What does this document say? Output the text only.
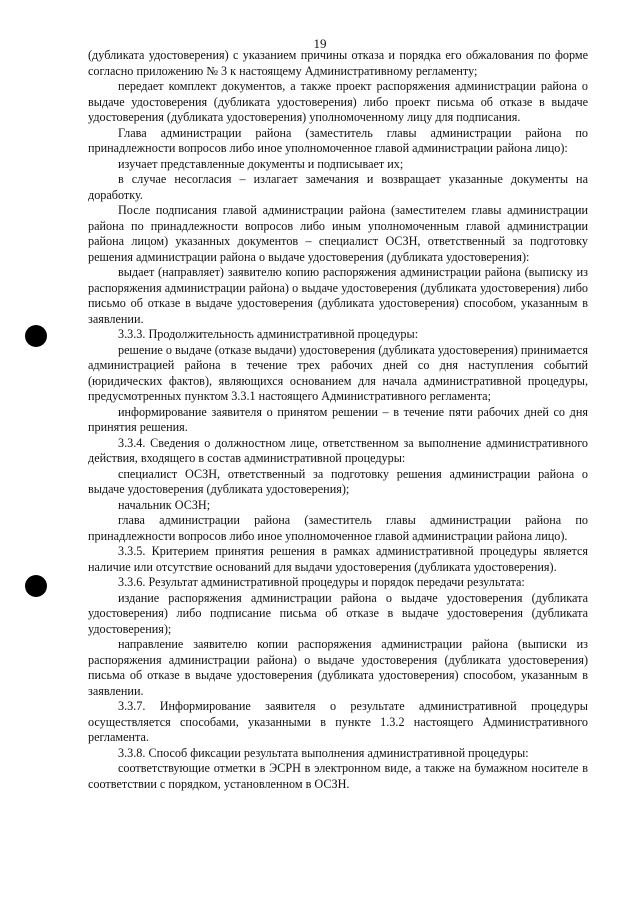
19

(дубликата удостоверения) с указанием причины отказа и порядка его обжалования по форме согласно приложению № 3 к настоящему Административному регламенту;

передает комплект документов, а также проект распоряжения администрации района о выдаче удостоверения (дубликата удостоверения) либо проект письма об отказе в выдаче удостоверения (дубликата удостоверения) уполномоченному лицу для подписания.

Глава администрации района (заместитель главы администрации района по принадлежности вопросов либо иное уполномоченное главой администрации района лицо):

изучает представленные документы и подписывает их;

в случае несогласия – излагает замечания и возвращает указанные документы на доработку.

После подписания главой администрации района (заместителем главы администрации района по принадлежности вопросов либо иным уполномоченным главой администрации района лицом) указанных документов – специалист ОСЗН, ответственный за подготовку решения администрации района о выдаче удостоверения (дубликата удостоверения):

выдает (направляет) заявителю копию распоряжения администрации района (выписку из распоряжения администрации района) о выдаче удостоверения (дубликата удостоверения) либо письмо об отказе в выдаче удостоверения (дубликата удостоверения) способом, указанным в заявлении.

3.3.3. Продолжительность административной процедуры:

решение о выдаче (отказе выдачи) удостоверения (дубликата удостоверения) принимается администрацией района в течение трех рабочих дней со дня наступления событий (юридических фактов), являющихся основанием для начала административной процедуры, предусмотренных пунктом 3.3.1 настоящего Административного регламента;

информирование заявителя о принятом решении – в течение пяти рабочих дней со дня принятия решения.

3.3.4. Сведения о должностном лице, ответственном за выполнение административного действия, входящего в состав административной процедуры:

специалист ОСЗН, ответственный за подготовку решения администрации района о выдаче удостоверения (дубликата удостоверения);

начальник ОСЗН;

глава администрации района (заместитель главы администрации района по принадлежности вопросов либо иное уполномоченное главой администрации района лицо).

3.3.5. Критерием принятия решения в рамках административной процедуры является наличие или отсутствие оснований для выдачи удостоверения (дубликата удостоверения).

3.3.6. Результат административной процедуры и порядок передачи результата:

издание распоряжения администрации района о выдаче удостоверения (дубликата удостоверения) либо подписание письма об отказе в выдаче удостоверения (дубликата удостоверения);

направление заявителю копии распоряжения администрации района (выписки из распоряжения администрации района) о выдаче удостоверения (дубликата удостоверения) письма об отказе в выдаче удостоверения (дубликата удостоверения) способом, указанным в заявлении.

3.3.7. Информирование заявителя о результате административной процедуры осуществляется способами, указанными в пункте 1.3.2 настоящего Административного регламента.

3.3.8. Способ фиксации результата выполнения административной процедуры:

соответствующие отметки в ЭСРН в электронном виде, а также на бумажном носителе в соответствии с порядком, установленном в ОСЗН.
